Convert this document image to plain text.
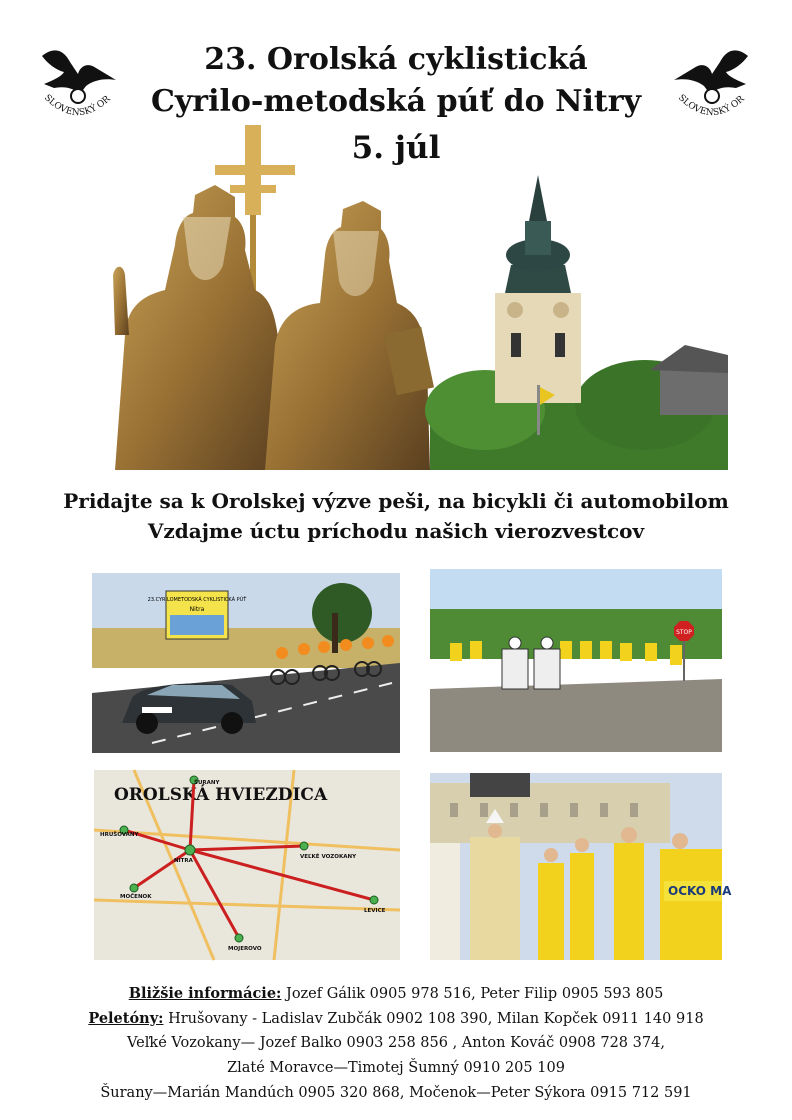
SLOVENSKÝ OR	SLOVENSKÝ OR
23. Orolská cyklistická
Cyrilo-metodská púť do Nitry
5. júl
Pridajte sa k Orolskej výzve peši, na bicykli či automobilom
Vzdajme úctu príchodu našich vierozvestcov
23.CYRILOMETODSKÁ CYKLISTICKÁ PÚŤ
Nitra
STOP
OROLSKÁ HVIEZDICA
HRUŠOVANY
NITRA
VEĽKÉ VOZOKANY
MOČENOK
ŠURANY
LEVICE
MOJEROVO
OCKO MA
Bližšie informácie: Jozef Gálik 0905 978 516, Peter Filip 0905 593 805
Peletóny: Hrušovany - Ladislav Zubčák 0902 108 390, Milan Kopček 0911 140 918
Veľké Vozokany— Jozef Balko 0903 258 856 , Anton Kováč 0908 728 374,
Zlaté Moravce—Timotej Šumný 0910 205 109
Šurany—Marián Mandúch 0905 320 868, Močenok—Peter Sýkora 0915 712 591
